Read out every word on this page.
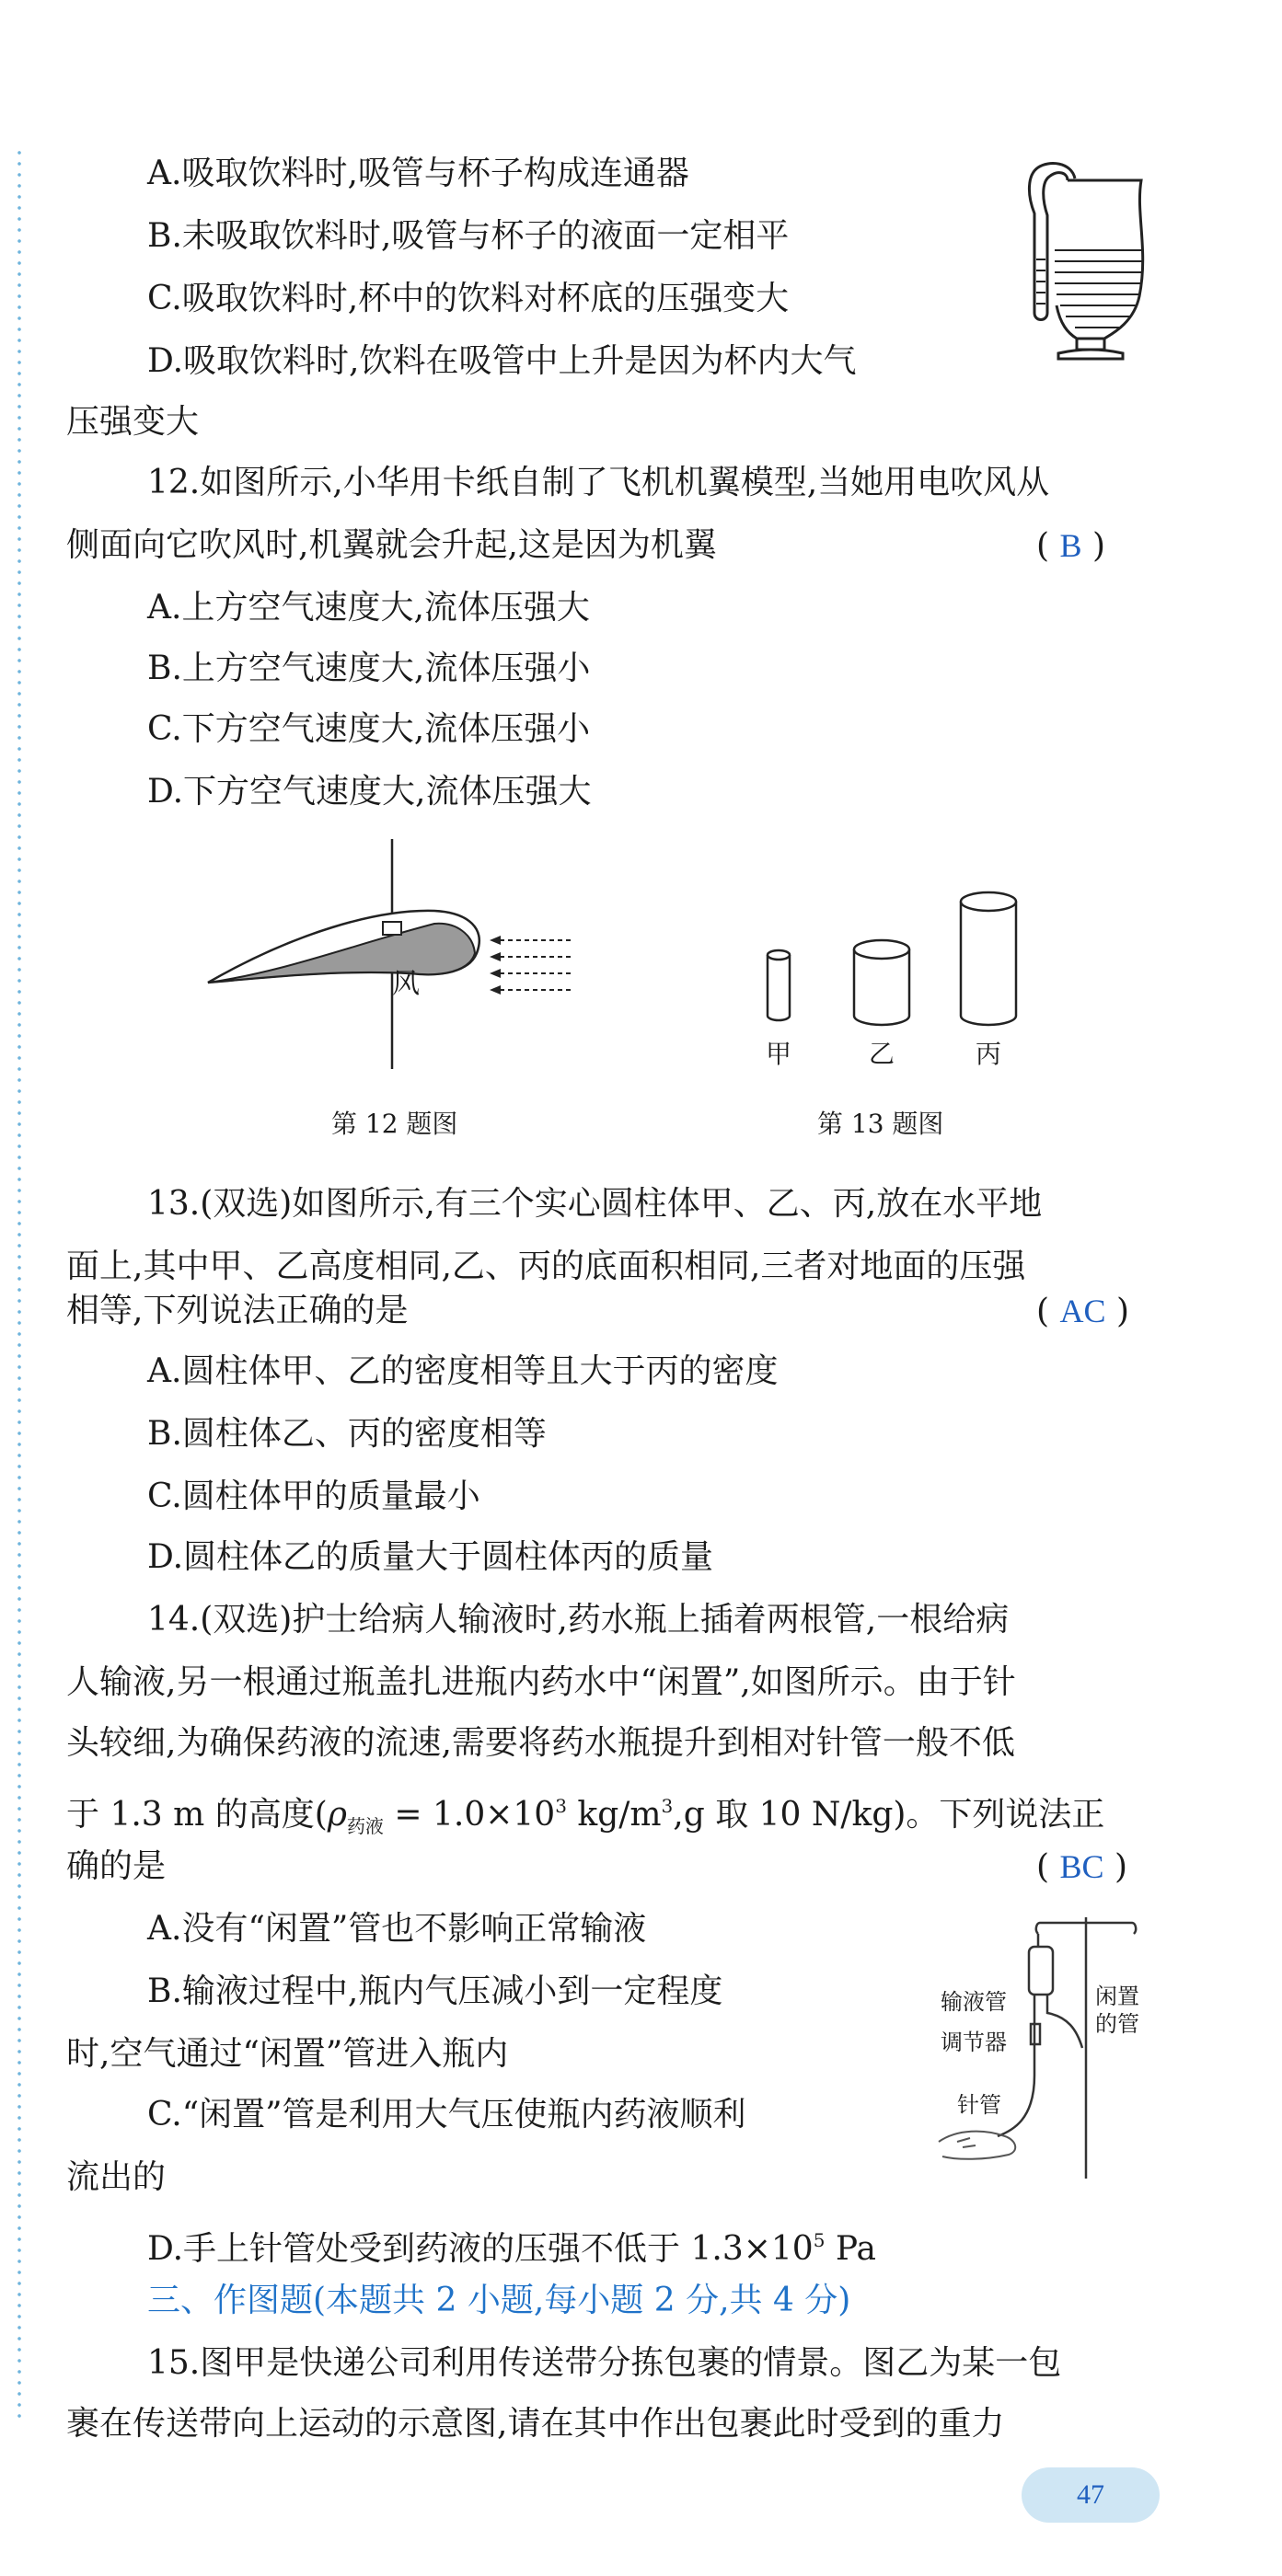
A.吸取饮料时,吸管与杯子构成连通器
B.未吸取饮料时,吸管与杯子的液面一定相平
C.吸取饮料时,杯中的饮料对杯底的压强变大
D.吸取饮料时,饮料在吸管中上升是因为杯内大气
压强变大
12.如图所示,小华用卡纸自制了飞机机翼模型,当她用电吹风从
侧面向它吹风时,机翼就会升起,这是因为机翼	( B )
A.上方空气速度大,流体压强大
B.上方空气速度大,流体压强小
C.下方空气速度大,流体压强小
D.下方空气速度大,流体压强大
风
第 12 题图
甲	乙	丙
第 13 题图
13.(双选)如图所示,有三个实心圆柱体甲、乙、丙,放在水平地
面上,其中甲、乙高度相同,乙、丙的底面积相同,三者对地面的压强
相等,下列说法正确的是	( AC )
A.圆柱体甲、乙的密度相等且大于丙的密度
B.圆柱体乙、丙的密度相等
C.圆柱体甲的质量最小
D.圆柱体乙的质量大于圆柱体丙的质量
14.(双选)护士给病人输液时,药水瓶上插着两根管,一根给病
人输液,另一根通过瓶盖扎进瓶内药水中“闲置”,如图所示。由于针
头较细,为确保药液的流速,需要将药水瓶提升到相对针管一般不低
于 1.3 m 的高度($\rho_{药液} = 1.0\times 10^3$ $kg/m^3,g$ 取 10 N/kg)。下列说法正
确的是	( BC )
A.没有“闲置”管也不影响正常输液
B.输液过程中,瓶内气压减小到一定程度
时,空气通过“闲置”管进入瓶内
C.“闲置”管是利用大气压使瓶内药液顺利
流出的
D.手上针管处受到药液的压强不低于 $1.3\times 10^5$ Pa
输液管
调节器
闲置
的管
针管
三、作图题(本题共 2 小题,每小题 2 分,共 4 分)
15.图甲是快递公司利用传送带分拣包裹的情景。图乙为某一包
裹在传送带向上运动的示意图,请在其中作出包裹此时受到的重力
47
